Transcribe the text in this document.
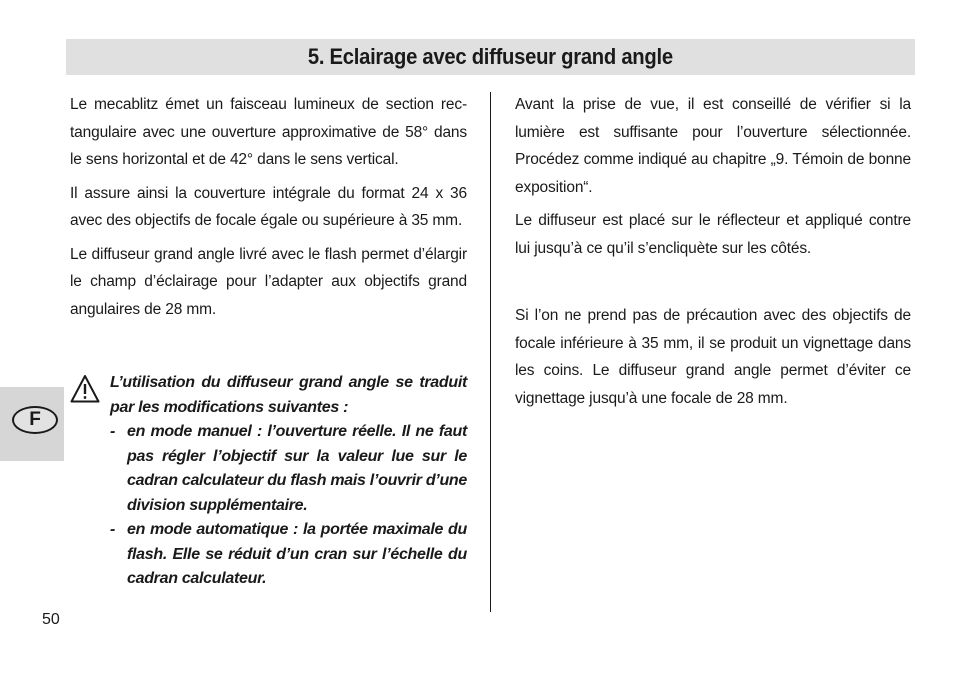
5. Eclairage avec diffuseur grand angle
F

Le mecablitz émet un faisceau lumineux de section rec-tangulaire avec une ouverture approximative de 58° dans le sens horizontal et de 42° dans le sens vertical.

Il assure ainsi la couverture intégrale du format 24 x 36 avec des objectifs de focale égale ou supérieure à 35 mm.

Le diffuseur grand angle livré avec le flash permet d’élargir le champ d’éclairage pour l’adapter aux objectifs grand angulaires de 28 mm.

L’utilisation du diffuseur grand angle se traduit par les modifications suivantes :

- en mode manuel : l’ouverture réelle. Il ne faut pas régler l’objectif sur la valeur lue sur le cadran calculateur du flash mais l’ouvrir d’une division supplémentaire.
- en mode automatique : la portée maximale du flash. Elle se réduit d’un cran sur l’échelle du cadran calculateur.

Avant la prise de vue, il est conseillé de vérifier si la lumière est suffisante pour l’ouverture sélectionnée. Procédez comme indiqué au chapitre „9. Témoin de bonne exposition“.

Le diffuseur est placé sur le réflecteur et appliqué contre lui jusqu’à ce qu’il s’encliquète sur les côtés.

Si l’on ne prend pas de précaution avec des objectifs de focale inférieure à 35 mm, il se produit un vignettage dans les coins. Le diffuseur grand angle permet d’éviter ce vignettage jusqu’à une focale de 28 mm.

50
